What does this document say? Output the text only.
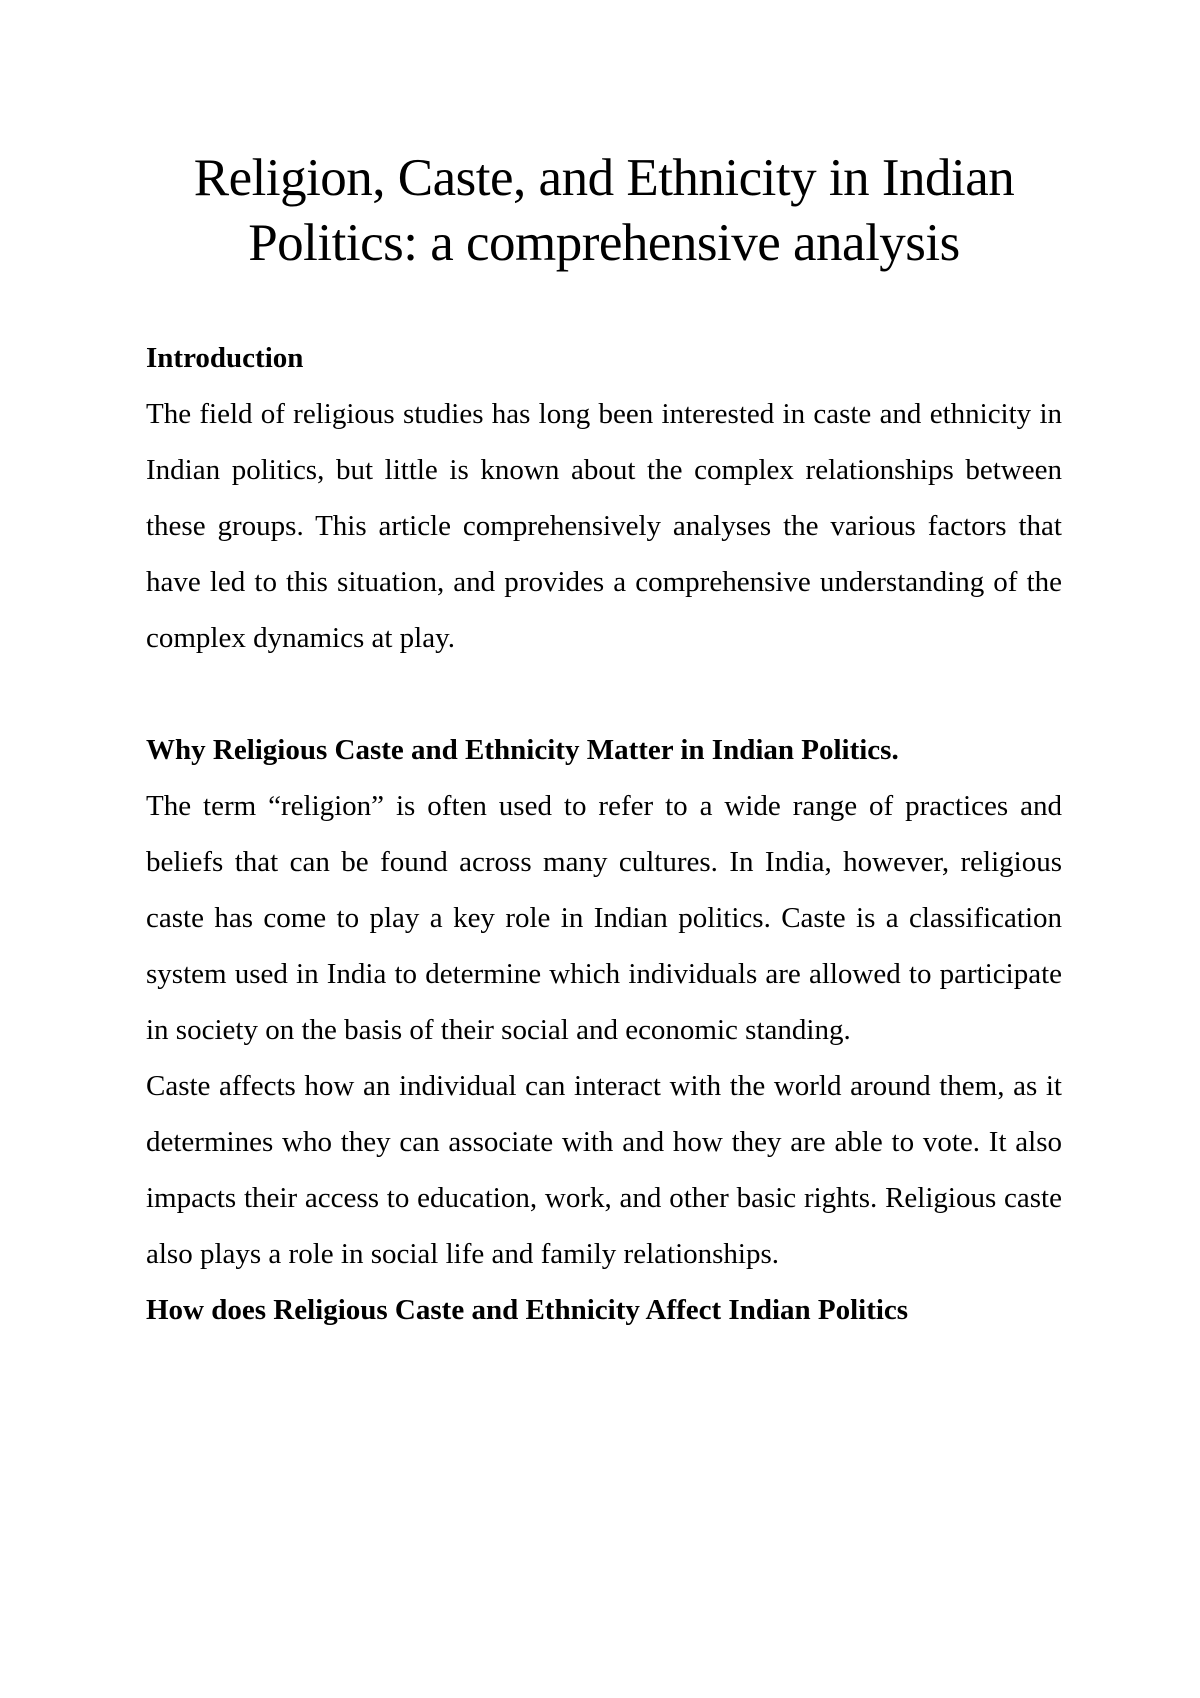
Religion, Caste, and Ethnicity in Indian Politics: a comprehensive analysis
Introduction

The field of religious studies has long been interested in caste and ethnicity in Indian politics, but little is known about the complex relationships between these groups. This article comprehensively analyses the various factors that have led to this situation, and provides a comprehensive understanding of the complex dynamics at play.

Why Religious Caste and Ethnicity Matter in Indian Politics.

The term “religion” is often used to refer to a wide range of practices and beliefs that can be found across many cultures. In India, however, religious caste has come to play a key role in Indian politics. Caste is a classification system used in India to determine which individuals are allowed to participate in society on the basis of their social and economic standing.

Caste affects how an individual can interact with the world around them, as it determines who they can associate with and how they are able to vote. It also impacts their access to education, work, and other basic rights. Religious caste also plays a role in social life and family relationships.

How does Religious Caste and Ethnicity Affect Indian Politics
